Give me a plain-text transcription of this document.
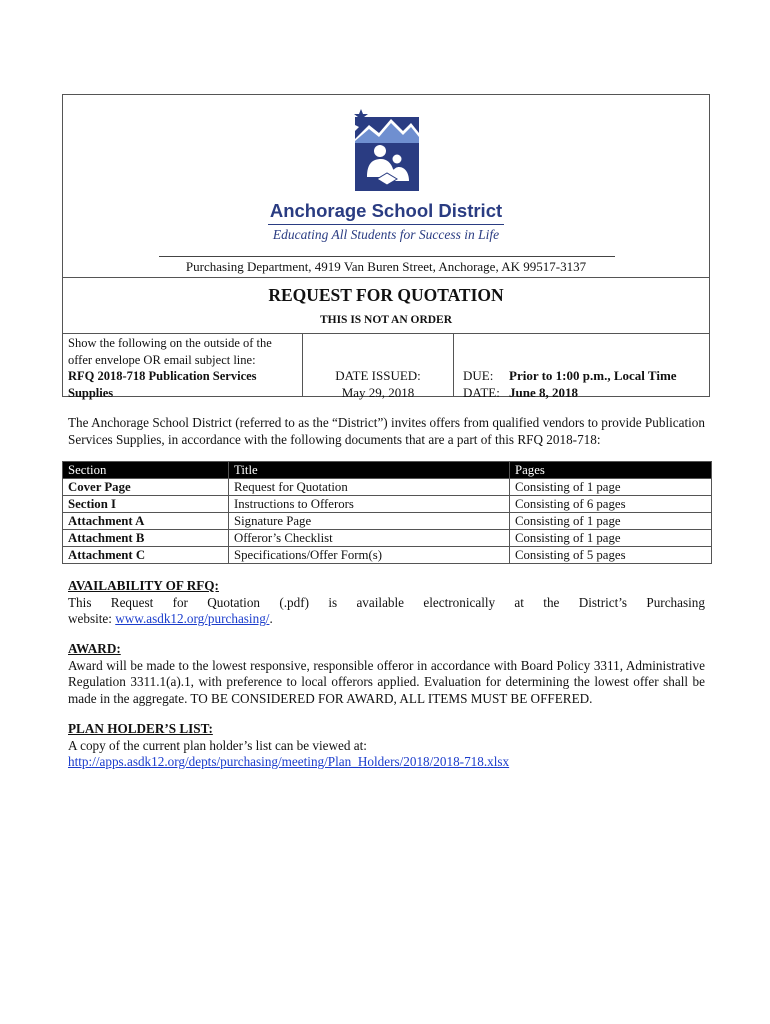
Anchorage School District
Educating All Students for Success in Life
Purchasing Department, 4919 Van Buren Street, Anchorage, AK 99517-3137
REQUEST FOR QUOTATION
THIS IS NOT AN ORDER
Show the following on the outside of the
offer envelope OR email subject line:
RFQ 2018-718 Publication Services
Supplies
DATE ISSUED:
May 29, 2018
DUE: Prior to 1:00 p.m., Local Time
DATE: June 8, 2018
The Anchorage School District (referred to as the “District”) invites offers from qualified vendors to provide Publication Services Supplies, in accordance with the following documents that are a part of this RFQ 2018-718:
Section	Title	Pages
Cover Page	Request for Quotation	Consisting of 1 page
Section I	Instructions to Offerors	Consisting of 6 pages
Attachment A	Signature Page	Consisting of 1 page
Attachment B	Offeror’s Checklist	Consisting of 1 page
Attachment C	Specifications/Offer Form(s)	Consisting of 5 pages
AVAILABILITY OF RFQ:
This Request for Quotation (.pdf) is available electronically at the District’s Purchasing
website: www.asdk12.org/purchasing/.
AWARD:
Award will be made to the lowest responsive, responsible offeror in accordance with Board Policy 3311, Administrative Regulation 3311.1(a).1, with preference to local offerors applied. Evaluation for determining the lowest offer shall be made in the aggregate. TO BE CONSIDERED FOR AWARD, ALL ITEMS MUST BE OFFERED.
PLAN HOLDER’S LIST:
A copy of the current plan holder’s list can be viewed at:
http://apps.asdk12.org/depts/purchasing/meeting/Plan_Holders/2018/2018-718.xlsx
